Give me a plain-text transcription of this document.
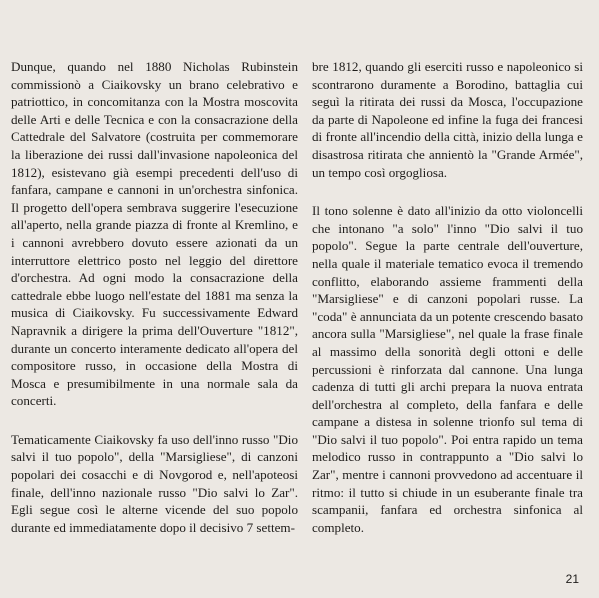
Dunque, quando nel 1880 Nicholas Rubinstein commissionò a Ciaikovsky un brano celebrativo e patriottico, in concomitanza con la Mostra moscovita delle Arti e delle Tecnica e con la consacrazione della Cattedrale del Salvatore (costruita per commemorare la liberazione dei russi dall'invasione napoleonica del 1812), esistevano già esempi precedenti dell'uso di fanfara, campane e cannoni in un'orchestra sinfonica. Il progetto dell'opera sembrava suggerire l'esecuzione all'aperto, nella grande piazza di fronte al Kremlino, e i cannoni avrebbero dovuto essere azionati da un interruttore elettrico posto nel leggio del direttore d'orchestra. Ad ogni modo la consacrazione della cattedrale ebbe luogo nell'estate del 1881 ma senza la musica di Ciaikovsky. Fu successivamente Edward Napravnik a dirigere la prima dell'Ouverture "1812", durante un concerto interamente dedicato all'opera del compositore russo, in occasione della Mostra di Mosca e presumibilmente in una normale sala da concerti.

Tematicamente Ciaikovsky fa uso dell'inno russo "Dio salvi il tuo popolo", della "Marsigliese", di canzoni popolari dei cosacchi e di Novgorod e, nell'apoteosi finale, dell'inno nazionale russo "Dio salvi lo Zar". Egli segue così le alterne vicende del suo popolo durante ed immediatamente dopo il decisivo 7 settem-

bre 1812, quando gli eserciti russo e napoleonico si scontrarono duramente a Borodino, battaglia cui seguì la ritirata dei russi da Mosca, l'occupazione da parte di Napoleone ed infine la fuga dei francesi di fronte all'incendio della città, inizio della lunga e disastrosa ritirata che annientò la "Grande Armée", un tempo così orgogliosa.

Il tono solenne è dato all'inizio da otto violoncelli che intonano "a solo" l'inno "Dio salvi il tuo popolo". Segue la parte centrale dell'ouverture, nella quale il materiale tematico evoca il tremendo conflitto, elaborando assieme frammenti della "Marsigliese" e di canzoni popolari russe. La "coda" è annunciata da un potente crescendo basato ancora sulla "Marsigliese", nel quale la frase finale al massimo della sonorità degli ottoni e delle percussioni è rinforzata dal cannone. Una lunga cadenza di tutti gli archi prepara la nuova entrata dell'orchestra al completo, della fanfara e delle campane a distesa in solenne trionfo sul tema di "Dio salvi il tuo popolo". Poi entra rapido un tema melodico russo in contrappunto a "Dio salvi lo Zar", mentre i cannoni provvedono ad accentuare il ritmo: il tutto si chiude in un esuberante finale tra scampanii, fanfara ed orchestra sinfonica al completo.

21
